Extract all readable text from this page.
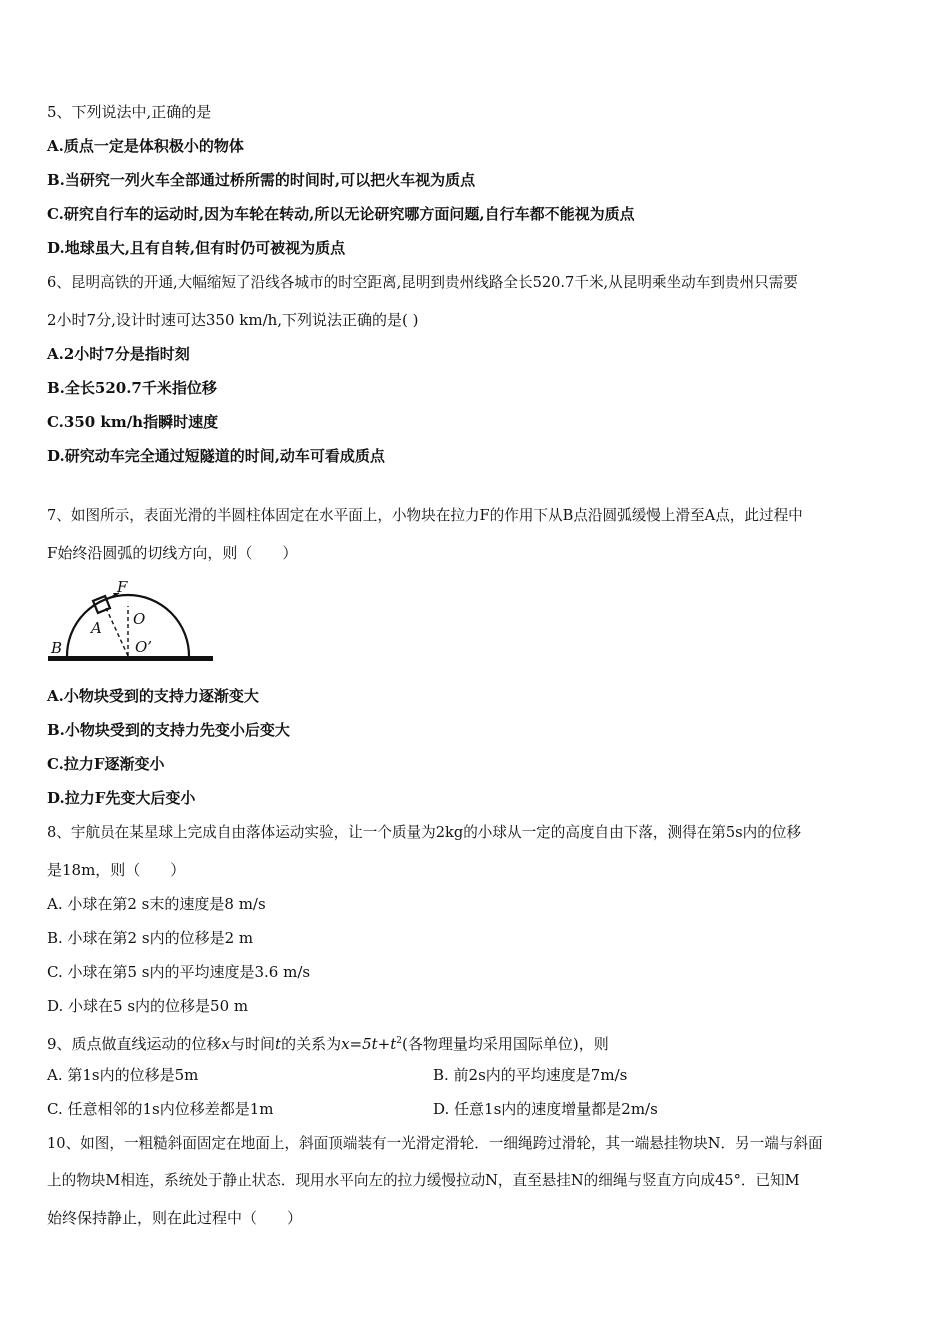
5、下列说法中,正确的是
A.质点一定是体积极小的物体
B.当研究一列火车全部通过桥所需的时间时,可以把火车视为质点
C.研究自行车的运动时,因为车轮在转动,所以无论研究哪方面问题,自行车都不能视为质点
D.地球虽大,且有自转,但有时仍可被视为质点
6、昆明高铁的开通,大幅缩短了沿线各城市的时空距离,昆明到贵州线路全长520.7千米,从昆明乘坐动车到贵州只需要
2小时7分,设计时速可达350 km/h,下列说法正确的是( )
A.2小时7分是指时刻
B.全长520.7千米指位移
C.350 km/h指瞬时速度
D.研究动车完全通过短隧道的时间,动车可看成质点
7、如图所示，表面光滑的半圆柱体固定在水平面上，小物块在拉力F的作用下从B点沿圆弧缓慢上滑至A点，此过程中
F始终沿圆弧的切线方向，则（　　）
F
A O
O’
B
A.小物块受到的支持力逐渐变大
B.小物块受到的支持力先变小后变大
C.拉力F逐渐变小
D.拉力F先变大后变小
8、宇航员在某星球上完成自由落体运动实验，让一个质量为2kg的小球从一定的高度自由下落，测得在第5s内的位移
是18m，则（　　）
A. 小球在第2 s末的速度是8 m/s
B. 小球在第2 s内的位移是2 m
C. 小球在第5 s内的平均速度是3.6 m/s
D. 小球在5 s内的位移是50 m
9、质点做直线运动的位移x与时间t的关系为$x=5t+t^2$(各物理量均采用国际单位)，则
A. 第1s内的位移是5m	B. 前2s内的平均速度是7m/s
C. 任意相邻的1s内位移差都是1m	D. 任意1s内的速度增量都是2m/s
10、如图，一粗糙斜面固定在地面上，斜面顶端装有一光滑定滑轮．一细绳跨过滑轮，其一端悬挂物块N．另一端与斜面
上的物块M相连，系统处于静止状态．现用水平向左的拉力缓慢拉动N，直至悬挂N的细绳与竖直方向成45°．已知M
始终保持静止，则在此过程中（　　）
